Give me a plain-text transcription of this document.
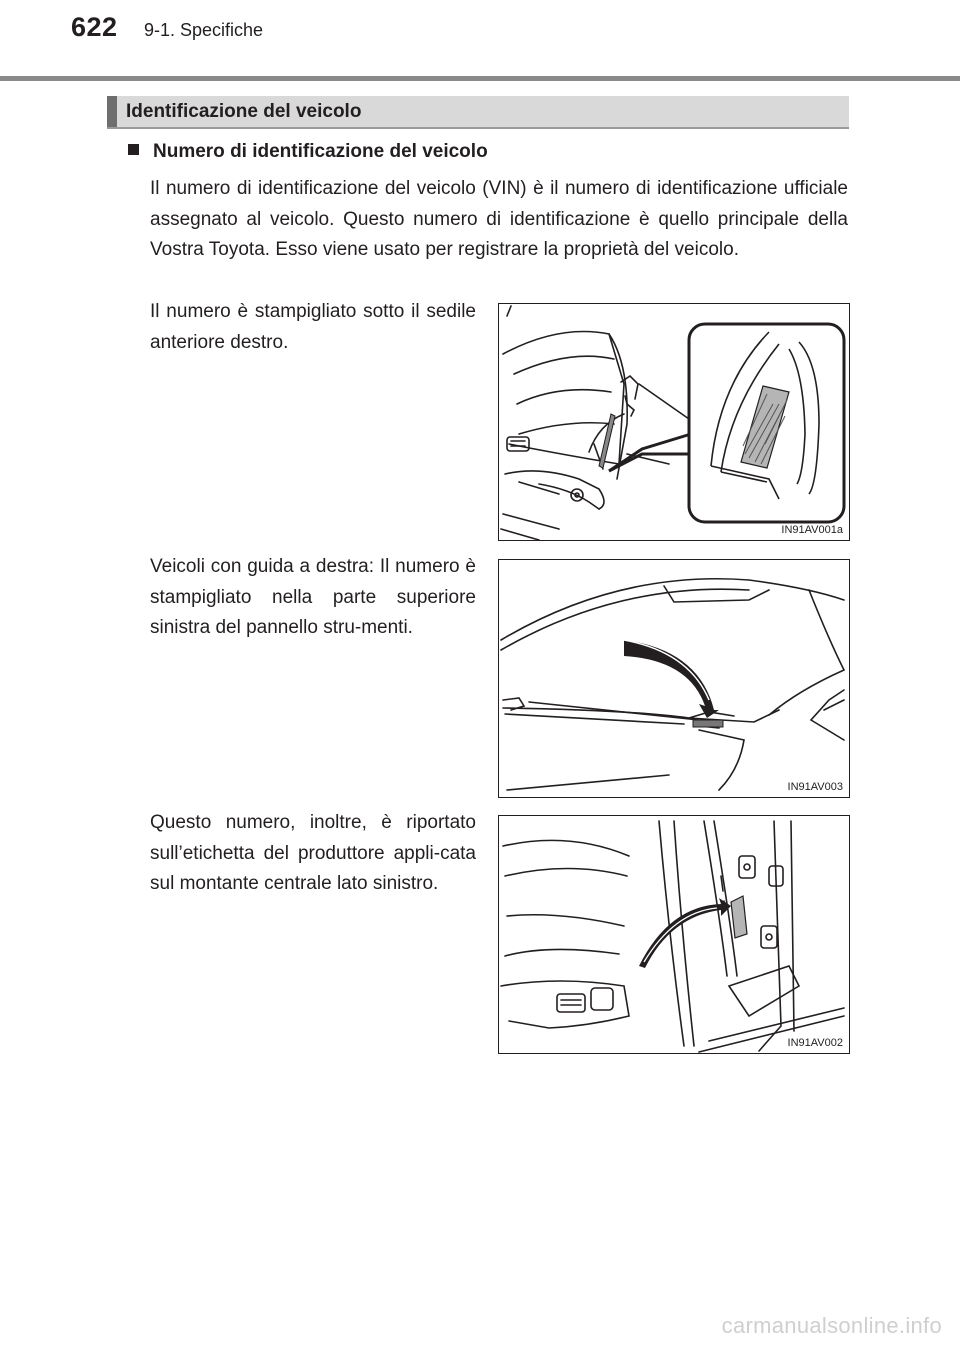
622 9-1. Specifiche
Identificazione del veicolo
Numero di identificazione del veicolo
Il numero di identificazione del veicolo (VIN) è il numero di identificazione ufficiale assegnato al veicolo. Questo numero di identificazione è quello principale della Vostra Toyota. Esso viene usato per registrare la proprietà del veicolo.
Il numero è stampigliato sotto il sedile anteriore destro.
IN91AV001a
Veicoli con guida a destra: Il numero è stampigliato nella parte superiore sinistra del pannello stru-menti.
IN91AV003
Questo numero, inoltre, è riportato sull’etichetta del produttore appli-cata sul montante centrale lato sinistro.
IN91AV002
carmanualsonline.info
